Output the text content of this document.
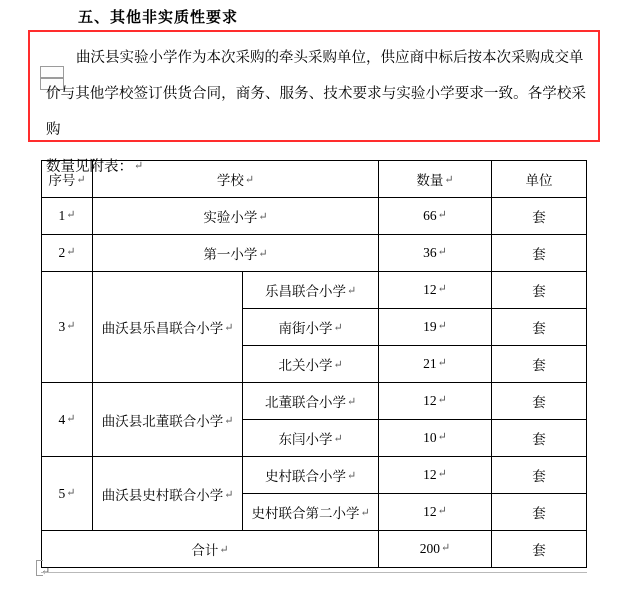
五、其他非实质性要求
曲沃县实验小学作为本次采购的牵头采购单位，供应商中标后按本次采购成交单
价与其他学校签订供货合同，商务、服务、技术要求与实验小学要求一致。各学校采购
数量见附表：↵
序号↵	学校↵		数量↵	单位
1↵	实验小学↵		66↵	套
2↵	第一小学↵		36↵	套
3↵	曲沃县乐昌联合小学↵	乐昌联合小学↵	12↵	套
		南街小学↵	19↵	套
		北关小学↵	21↵	套
4↵	曲沃县北董联合小学↵	北董联合小学↵	12↵	套
		东闫小学↵	10↵	套
5↵	曲沃县史村联合小学↵	史村联合小学↵	12↵	套
		史村联合第二小学↵	12↵	套
合计↵			200↵	套
↵
